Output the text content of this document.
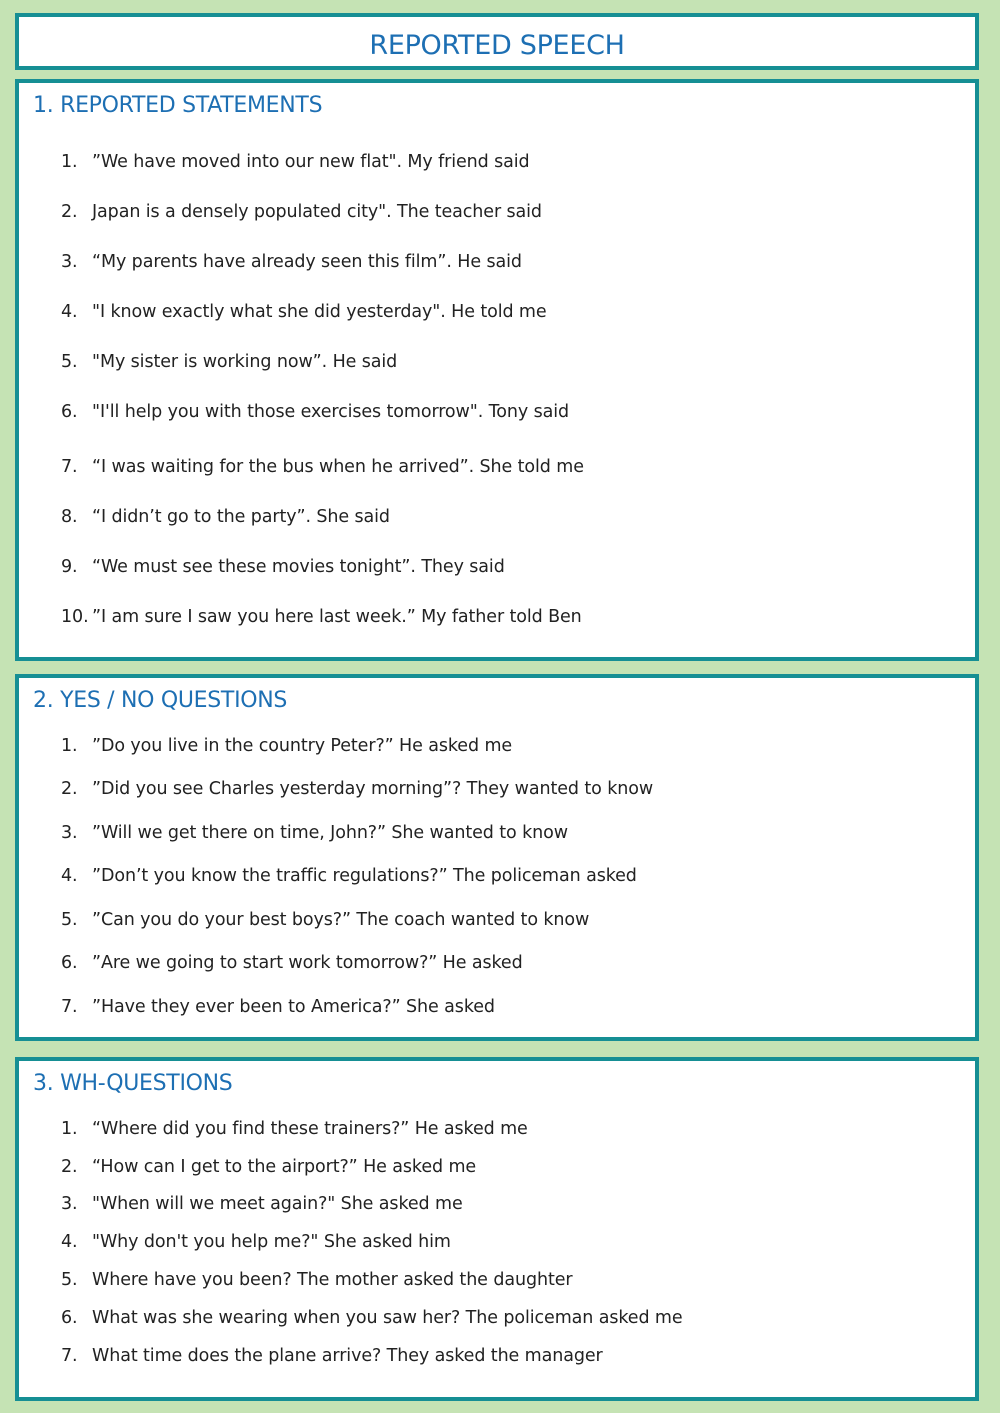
REPORTED SPEECH
1. REPORTED STATEMENTS
1. ”We have moved into our new flat". My friend said
2. Japan is a densely populated city". The teacher said
3. “My parents have already seen this film”. He said
4. "I know exactly what she did yesterday". He told me
5. "My sister is working now”. He said
6. "I'll help you with those exercises tomorrow". Tony said
7. “I was waiting for the bus when he arrived”. She told me
8. “I didn’t go to the party”. She said
9. “We must see these movies tonight”. They said
10. ”I am sure I saw you here last week.” My father told Ben
2. YES / NO QUESTIONS
1. ”Do you live in the country Peter?” He asked me
2. ”Did you see Charles yesterday morning”? They wanted to know
3. ”Will we get there on time, John?” She wanted to know
4. ”Don’t you know the traffic regulations?” The policeman asked
5. ”Can you do your best boys?” The coach wanted to know
6. ”Are we going to start work tomorrow?” He asked
7. ”Have they ever been to America?” She asked
3. WH-QUESTIONS
1. “Where did you find these trainers?” He asked me
2. “How can I get to the airport?” He asked me
3. "When will we meet again?" She asked me
4. "Why don't you help me?" She asked him
5. Where have you been? The mother asked the daughter
6. What was she wearing when you saw her? The policeman asked me
7. What time does the plane arrive? They asked the manager
